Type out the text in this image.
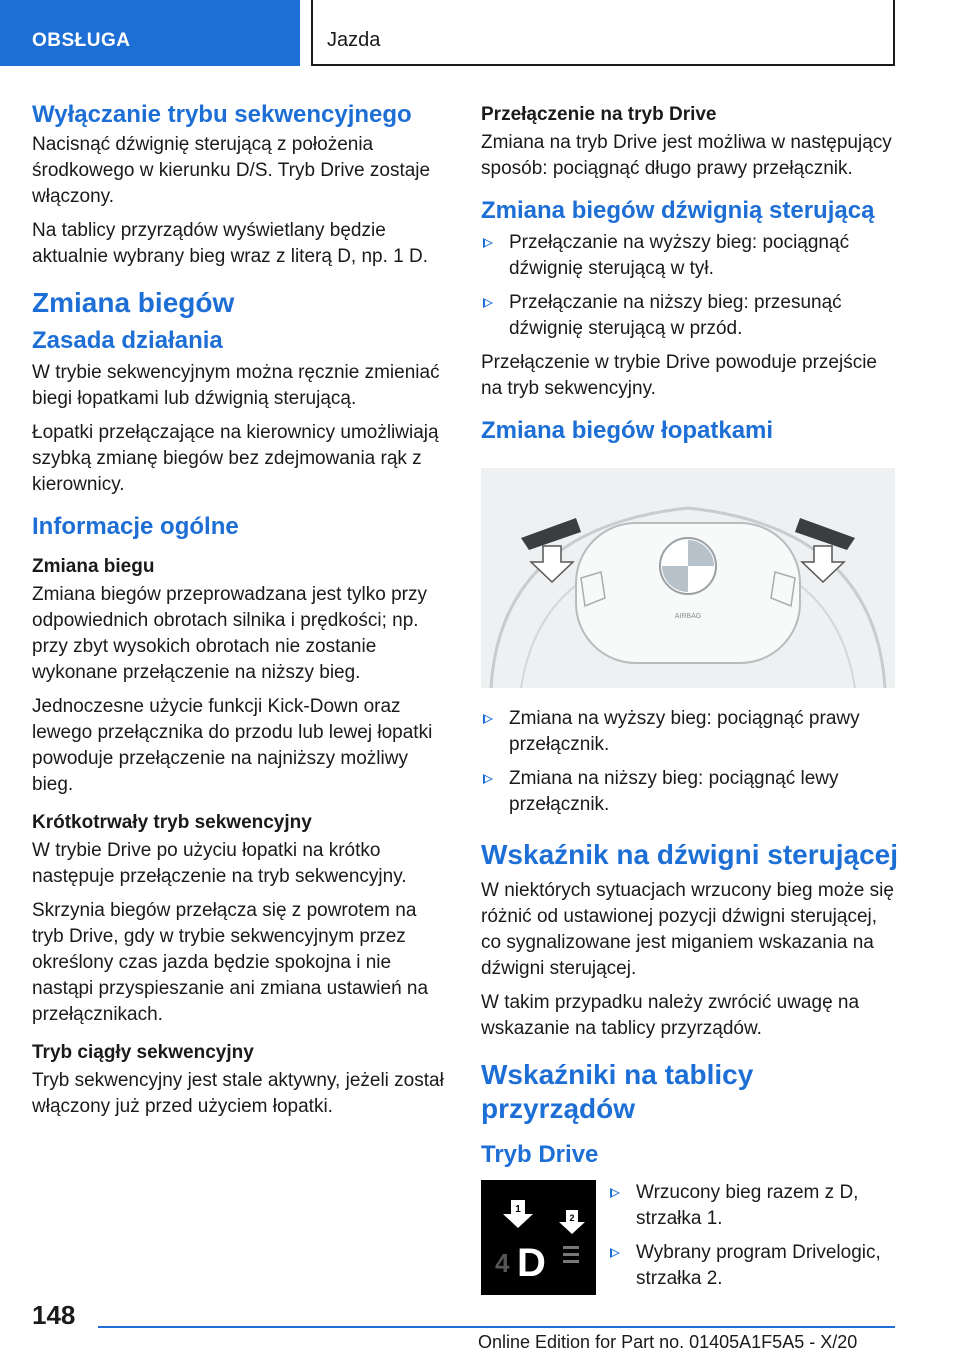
OBSŁUGA	Jazda
Wyłączanie trybu sekwencyjnego

Nacisnąć dźwignię sterującą z położenia środkowego w kierunku D/S. Tryb Drive zostaje włączony.

Na tablicy przyrządów wyświetlany będzie aktualnie wybrany bieg wraz z literą D, np. 1 D.

Zmiana biegów
Zasada działania

W trybie sekwencyjnym można ręcznie zmieniać biegi łopatkami lub dźwignią sterującą.

Łopatki przełączające na kierownicy umożliwiają szybką zmianę biegów bez zdejmowania rąk z kierownicy.

Informacje ogólne
Zmiana biegu

Zmiana biegów przeprowadzana jest tylko przy odpowiednich obrotach silnika i prędkości; np. przy zbyt wysokich obrotach nie zostanie wykonane przełączenie na niższy bieg.

Jednoczesne użycie funkcji Kick-Down oraz lewego przełącznika do przodu lub lewej łopatki powoduje przełączenie na najniższy możliwy bieg.

Krótkotrwały tryb sekwencyjny

W trybie Drive po użyciu łopatki na krótko następuje przełączenie na tryb sekwencyjny.

Skrzynia biegów przełącza się z powrotem na tryb Drive, gdy w trybie sekwencyjnym przez określony czas jazda będzie spokojna i nie nastąpi przyspieszanie ani zmiana ustawień na przełącznikach.

Tryb ciągły sekwencyjny

Tryb sekwencyjny jest stale aktywny, jeżeli został włączony już przed użyciem łopatki.

Przełączenie na tryb Drive

Zmiana na tryb Drive jest możliwa w następujący sposób: pociągnąć długo prawy przełącznik.

Zmiana biegów dźwignią sterującą
Przełączanie na wyższy bieg: pociągnąć dźwignię sterującą w tył.
Przełączanie na niższy bieg: przesunąć dźwignię sterującą w przód.

Przełączenie w trybie Drive powoduje przejście na tryb sekwencyjny.

Zmiana biegów łopatkami
AIRBAG
Zmiana na wyższy bieg: pociągnąć prawy przełącznik.
Zmiana na niższy bieg: pociągnąć lewy przełącznik.
Wskaźnik na dźwigni sterującej

W niektórych sytuacjach wrzucony bieg może się różnić od ustawionej pozycji dźwigni sterującej, co sygnalizowane jest miganiem wskazania na dźwigni sterującej.

W takim przypadku należy zwrócić uwagę na wskazanie na tablicy przyrządów.

Wskaźniki na tablicy przyrządów
Tryb Drive
1
2
4 D
Wrzucony bieg razem z D, strzałka 1.
Wybrany program Drivelogic, strzałka 2.
148
Online Edition for Part no. 01405A1F5A5 - X/20
